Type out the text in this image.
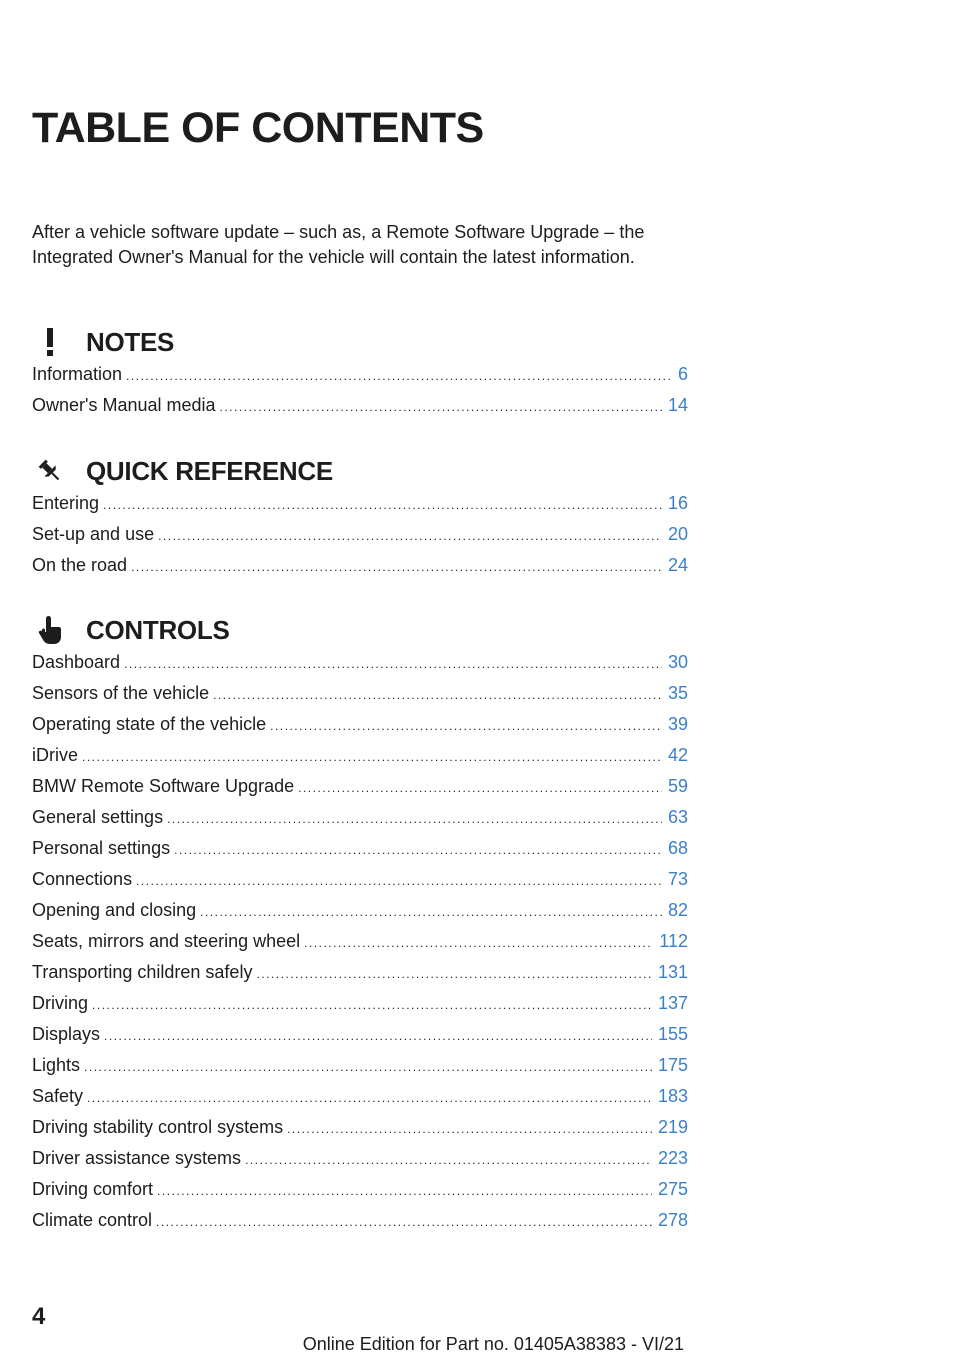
TABLE OF CONTENTS
After a vehicle software update – such as, a Remote Software Upgrade – the Integrated Owner's Manual for the vehicle will contain the latest information.
NOTES
Information .....	6
Owner's Manual media .....	14
QUICK REFERENCE
Entering .....	16
Set-up and use .....	20
On the road .....	24
CONTROLS
Dashboard .....	30
Sensors of the vehicle .....	35
Operating state of the vehicle .....	39
iDrive .....	42
BMW Remote Software Upgrade .....	59
General settings .....	63
Personal settings .....	68
Connections .....	73
Opening and closing .....	82
Seats, mirrors and steering wheel .....	112
Transporting children safely .....	131
Driving .....	137
Displays .....	155
Lights .....	175
Safety .....	183
Driving stability control systems .....	219
Driver assistance systems .....	223
Driving comfort .....	275
Climate control .....	278
4
Online Edition for Part no. 01405A38383 - VI/21
